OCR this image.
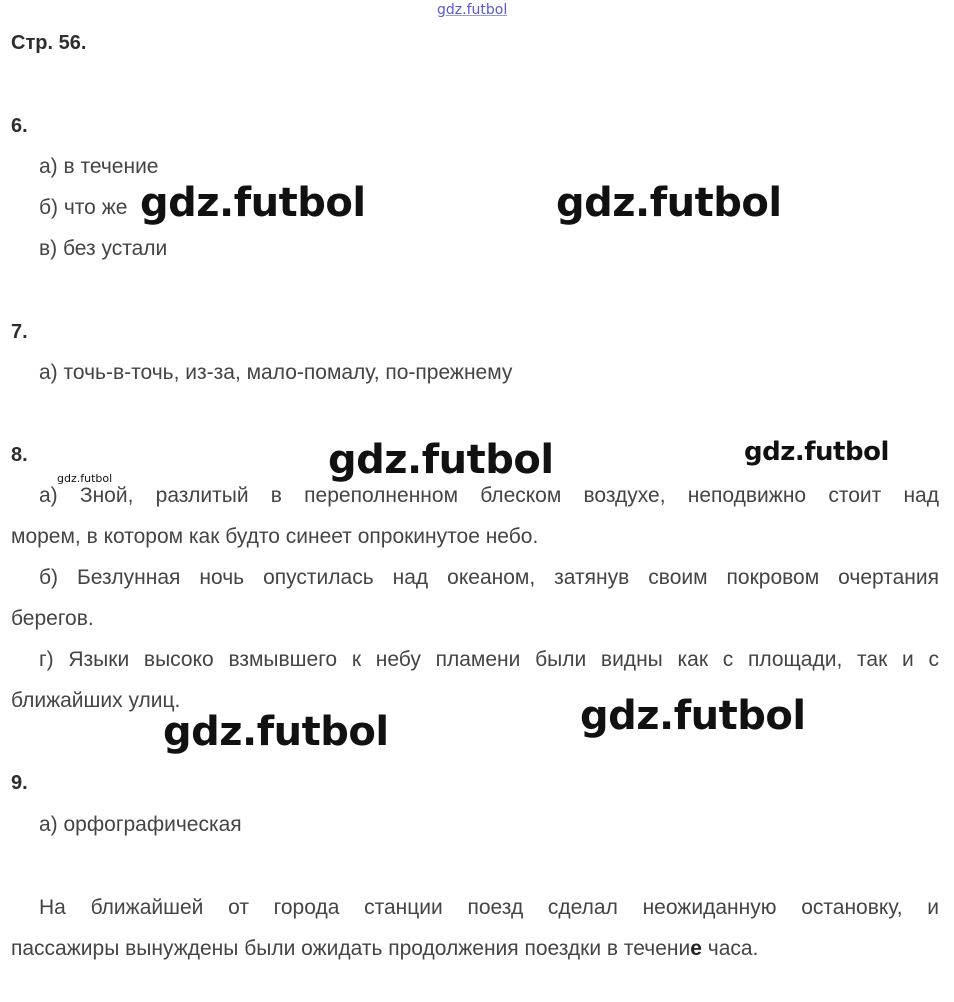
gdz.futbol
Стр. 56.
6.
а) в течение
б) что же
в) без устали
7.
а) точь-в-точь, из-за, мало-помалу, по-прежнему
8.
а) Зной, разлитый в переполненном блеском воздухе, неподвижно стоит над
морем, в котором как будто синеет опрокинутое небо.
б) Безлунная ночь опустилась над океаном, затянув своим покровом очертания
берегов.
г) Языки высоко взмывшего к небу пламени были видны как с площади, так и с
ближайших улиц.
9.
а) орфографическая
На ближайшей от города станции поезд сделал неожиданную остановку, и
пассажиры вынуждены были ожидать продолжения поездки в течение часа.
gdz.futbol	gdz.futbol
gdz.futbol	gdz.futbol
gdz.futbol
gdz.futbol
gdz.futbol
